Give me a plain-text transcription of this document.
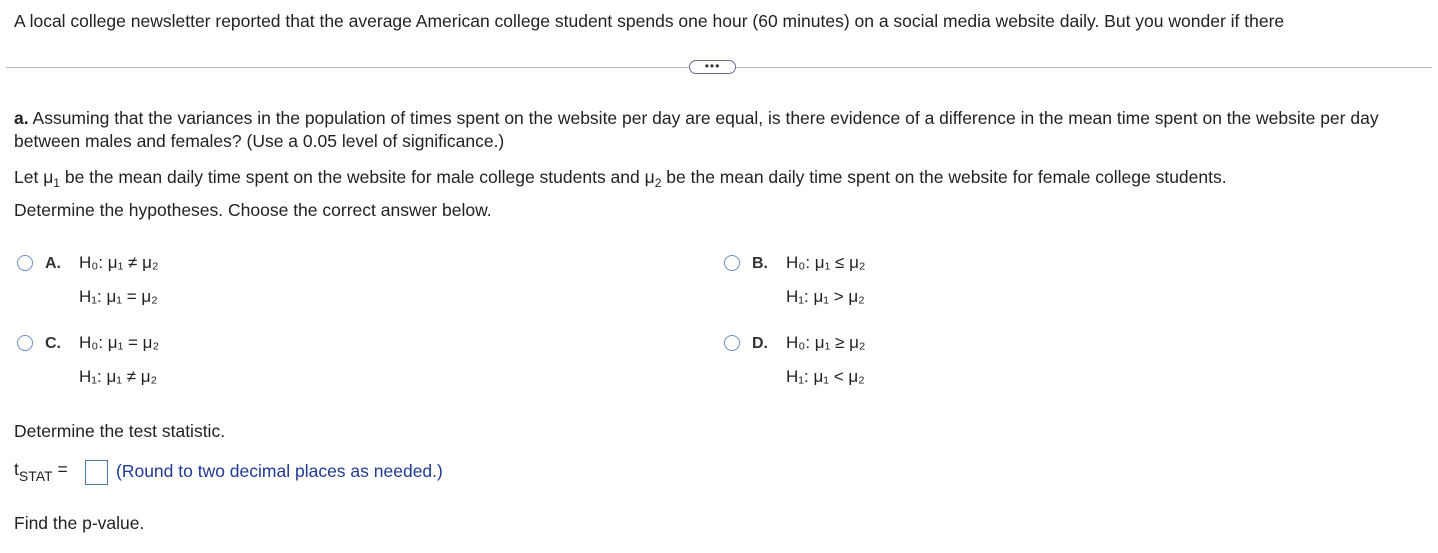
A local college newsletter reported that the average American college student spends one hour (60 minutes) on a social media website daily. But you wonder if there
•••
a. Assuming that the variances in the population of times spent on the website per day are equal, is there evidence of a difference in the mean time spent on the website per day between males and females? (Use a 0.05 level of significance.)
Let $\mu_1$ be the mean daily time spent on the website for male college students and $\mu_2$ be the mean daily time spent on the website for female college students.
Determine the hypotheses. Choose the correct answer below.
A. H₀: μ₁ ≠ μ₂
H₁: μ₁ = μ₂
B. H₀: μ₁ ≤ μ₂
H₁: μ₁ > μ₂
C. H₀: μ₁ = μ₂
H₁: μ₁ ≠ μ₂
D. H₀: μ₁ ≥ μ₂
H₁: μ₁ < μ₂
Determine the test statistic.
$t_{STAT}$ =	(Round to two decimal places as needed.)
Find the p-value.
